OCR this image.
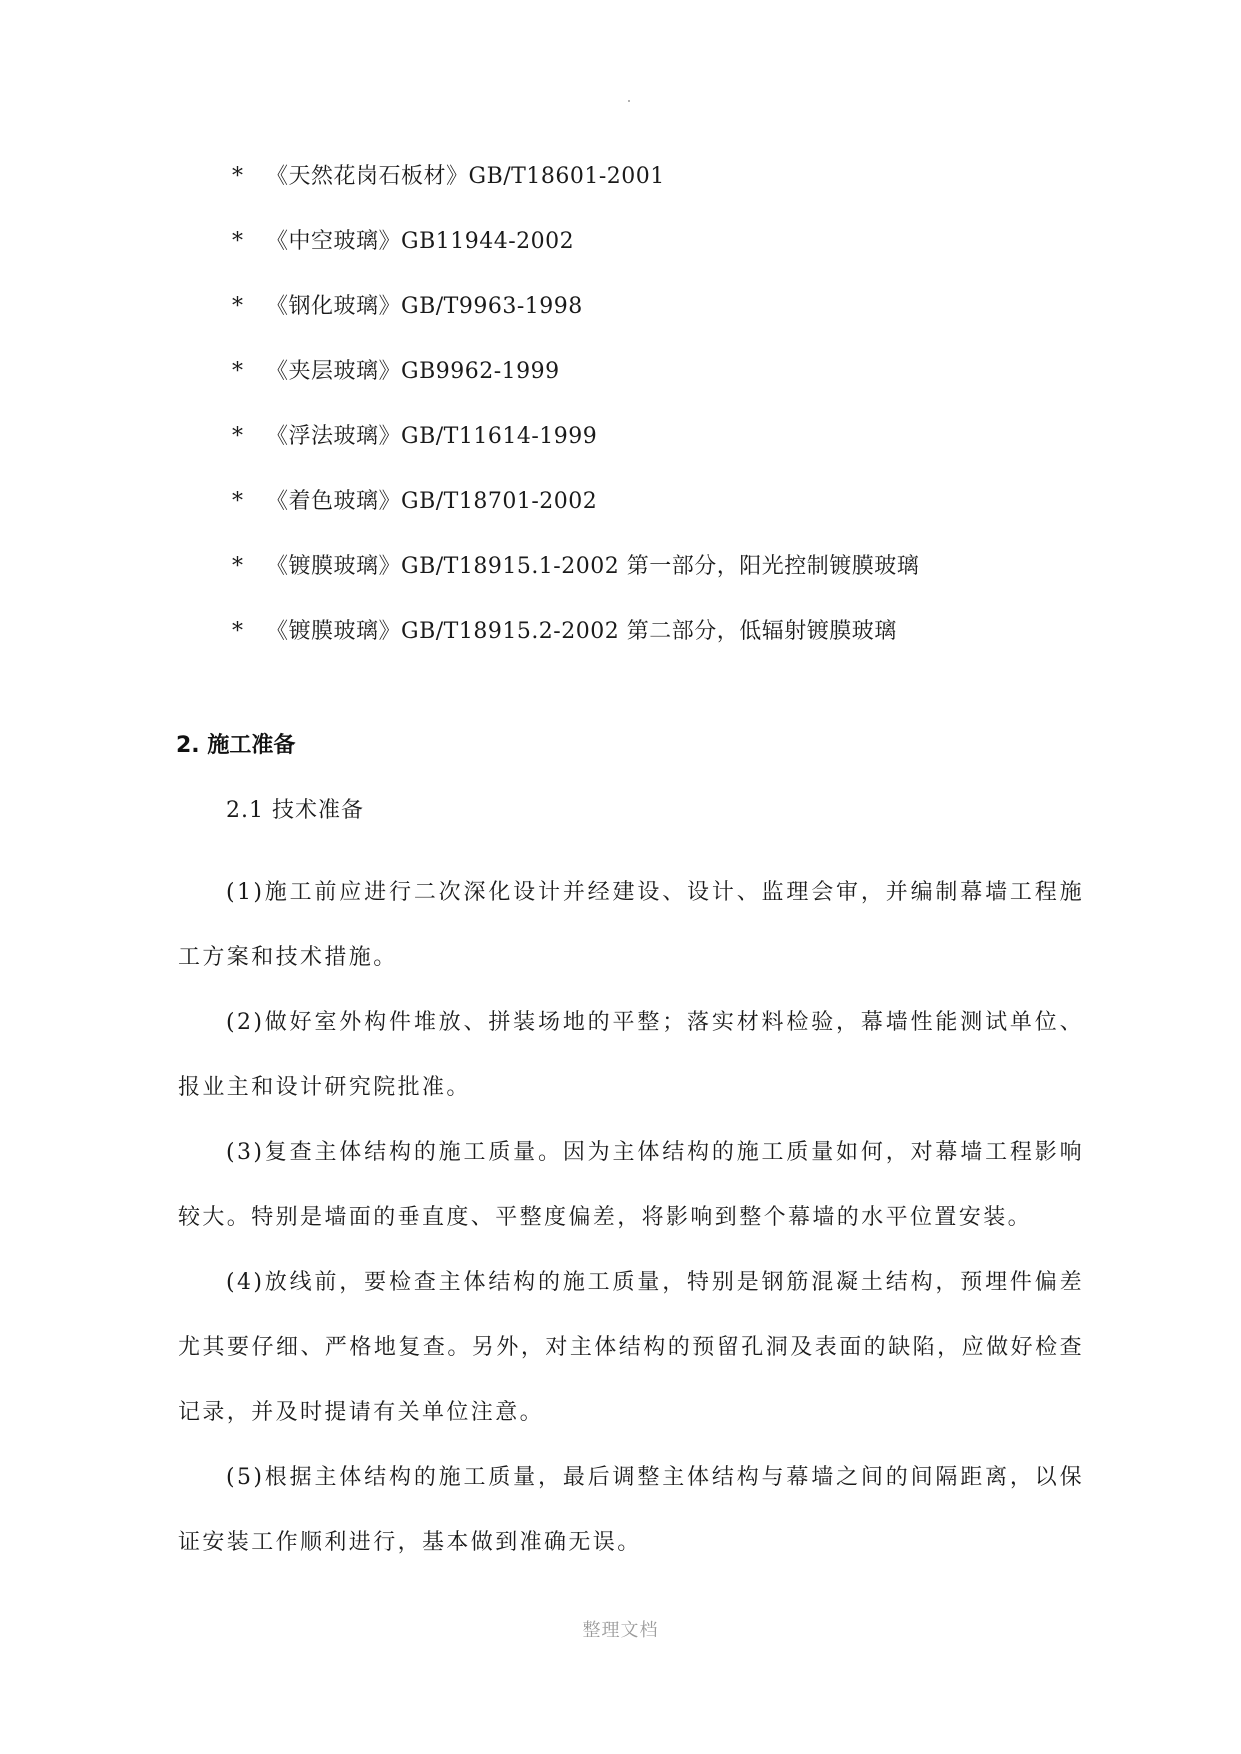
*	《天然花岗石板材》GB/T18601-2001
*	《中空玻璃》GB11944-2002
*	《钢化玻璃》GB/T9963-1998
*	《夹层玻璃》GB9962-1999
*	《浮法玻璃》GB/T11614-1999
*	《着色玻璃》GB/T18701-2002
*	《镀膜玻璃》GB/T18915.1-2002 第一部分，阳光控制镀膜玻璃
*	《镀膜玻璃》GB/T18915.2-2002 第二部分，低辐射镀膜玻璃
2. 施工准备
2.1 技术准备

(1)施工前应进行二次深化设计并经建设、设计、监理会审，并编制幕墙工程施工方案和技术措施。

(2)做好室外构件堆放、拼装场地的平整；落实材料检验，幕墙性能测试单位、报业主和设计研究院批准。

(3)复查主体结构的施工质量。因为主体结构的施工质量如何，对幕墙工程影响较大。特别是墙面的垂直度、平整度偏差，将影响到整个幕墙的水平位置安装。

(4)放线前，要检查主体结构的施工质量，特别是钢筋混凝土结构，预埋件偏差尤其要仔细、严格地复查。另外，对主体结构的预留孔洞及表面的缺陷，应做好检查记录，并及时提请有关单位注意。

(5)根据主体结构的施工质量，最后调整主体结构与幕墙之间的间隔距离，以保证安装工作顺利进行，基本做到准确无误。

整理文档
